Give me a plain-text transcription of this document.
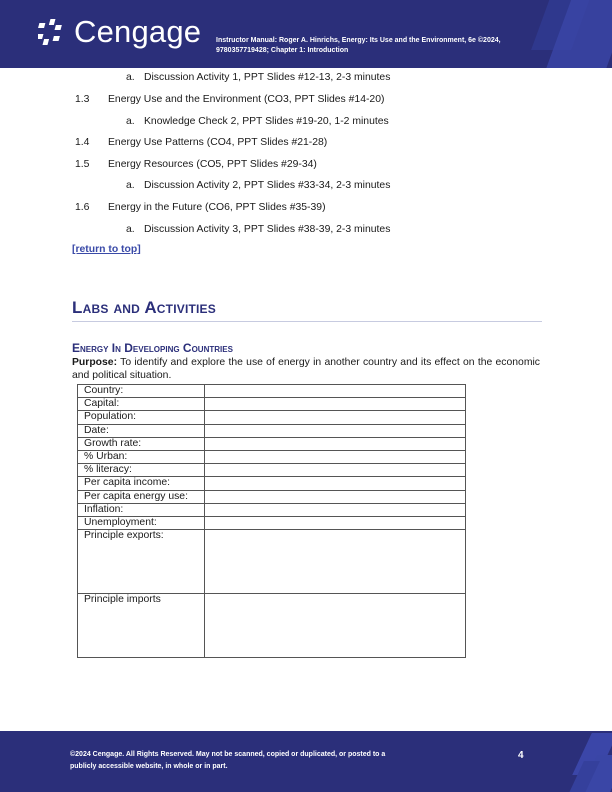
Cengage Instructor Manual: Roger A. Hinrichs, Energy: Its Use and the Environment, 6e ©2024,
9780357719428; Chapter 1: Introduction
a. Discussion Activity 1, PPT Slides #12-13, 2-3 minutes
1.3 Energy Use and the Environment (CO3, PPT Slides #14-20)
a. Knowledge Check 2, PPT Slides #19-20, 1-2 minutes
1.4 Energy Use Patterns (CO4, PPT Slides #21-28)
1.5 Energy Resources (CO5, PPT Slides #29-34)
a. Discussion Activity 2, PPT Slides #33-34, 2-3 minutes
1.6 Energy in the Future (CO6, PPT Slides #35-39)
a. Discussion Activity 3, PPT Slides #38-39, 2-3 minutes
[return to top]
Labs and Activities
Energy In Developing Countries
Purpose: To identify and explore the use of energy in another country and its effect on the economic and political situation.
Country:	
Capital:	
Population:	
Date:	
Growth rate:	
% Urban:	
% literacy:	
Per capita income:	
Per capita energy use:	
Inflation:	
Unemployment:	
Principle exports:	
Principle imports	
©2024 Cengage. All Rights Reserved. May not be scanned, copied or duplicated, or posted to a
publicly accessible website, in whole or in part.
4
